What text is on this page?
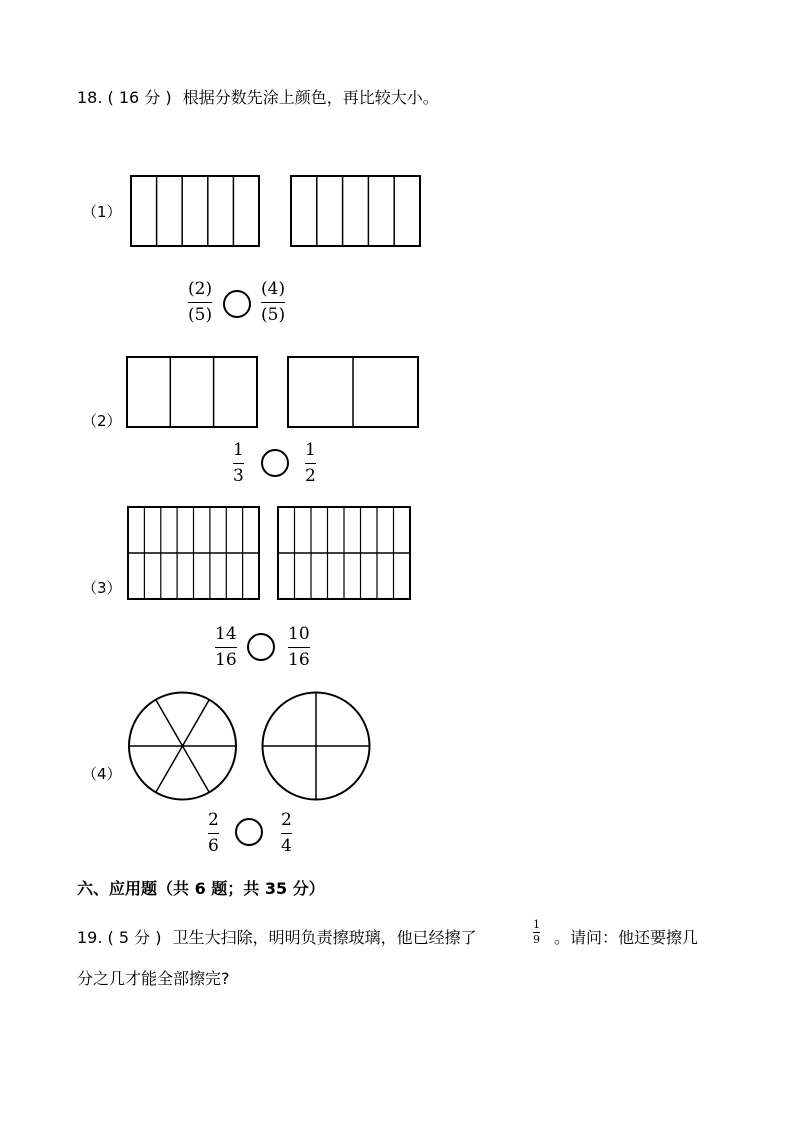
18. ( 16 分 ) 根据分数先涂上颜色，再比较大小。
（1）
(2)
(5)
(4)
(5)
（2）
1
3
1
2
（3）
14
16
10
16
（4）
2
6
2
4
六、应用题（共 6 题；共 35 分）
19. ( 5 分 ) 卫生大扫除，明明负责擦玻璃，他已经擦了
1
9 。请问：他还要擦几
分之几才能全部擦完?
